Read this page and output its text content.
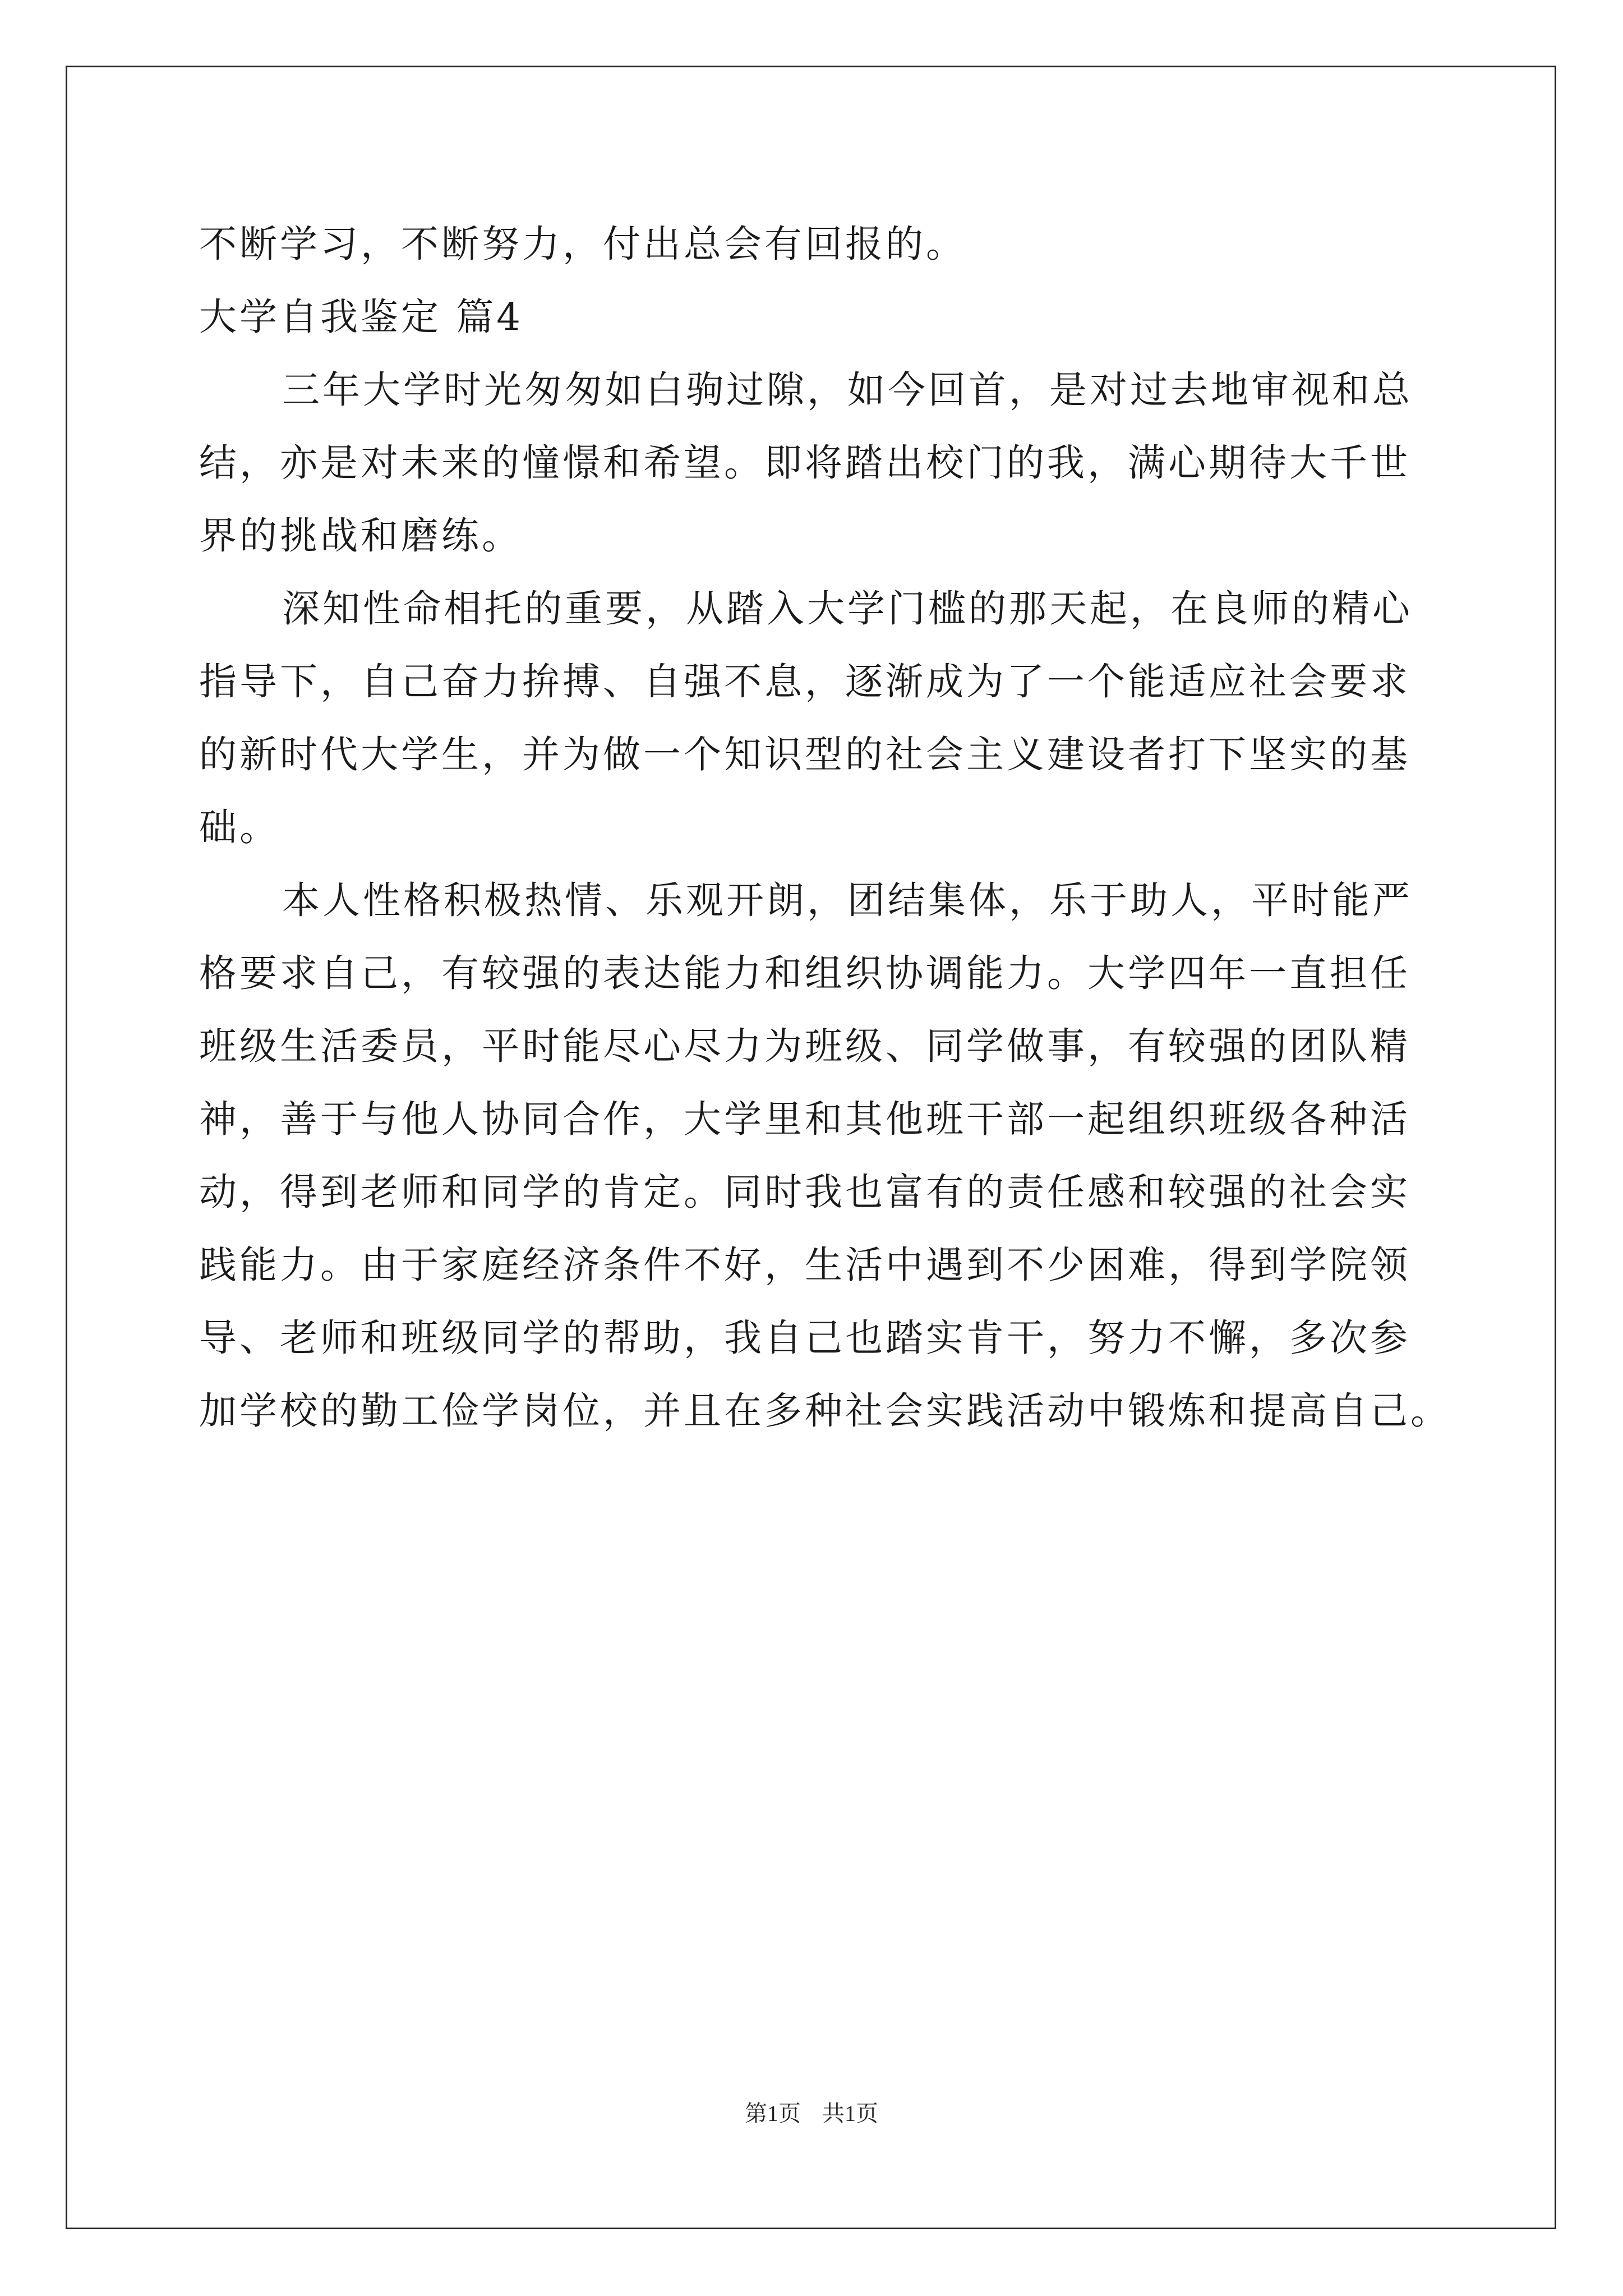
不断学习，不断努力，付出总会有回报的。
大学自我鉴定 篇4
三年大学时光匆匆如白驹过隙，如今回首，是对过去地审视和总
结，亦是对未来的憧憬和希望。即将踏出校门的我，满心期待大千世
界的挑战和磨练。
深知性命相托的重要，从踏入大学门槛的那天起，在良师的精心
指导下，自己奋力拚搏、自强不息，逐渐成为了一个能适应社会要求
的新时代大学生，并为做一个知识型的社会主义建设者打下坚实的基
础。
本人性格积极热情、乐观开朗，团结集体，乐于助人，平时能严
格要求自己，有较强的表达能力和组织协调能力。大学四年一直担任
班级生活委员，平时能尽心尽力为班级、同学做事，有较强的团队精
神，善于与他人协同合作，大学里和其他班干部一起组织班级各种活
动，得到老师和同学的肯定。同时我也富有的责任感和较强的社会实
践能力。由于家庭经济条件不好，生活中遇到不少困难，得到学院领
导、老师和班级同学的帮助，我自己也踏实肯干，努力不懈，多次参
加学校的勤工俭学岗位，并且在多种社会实践活动中锻炼和提高自己。
第1页 共1页
